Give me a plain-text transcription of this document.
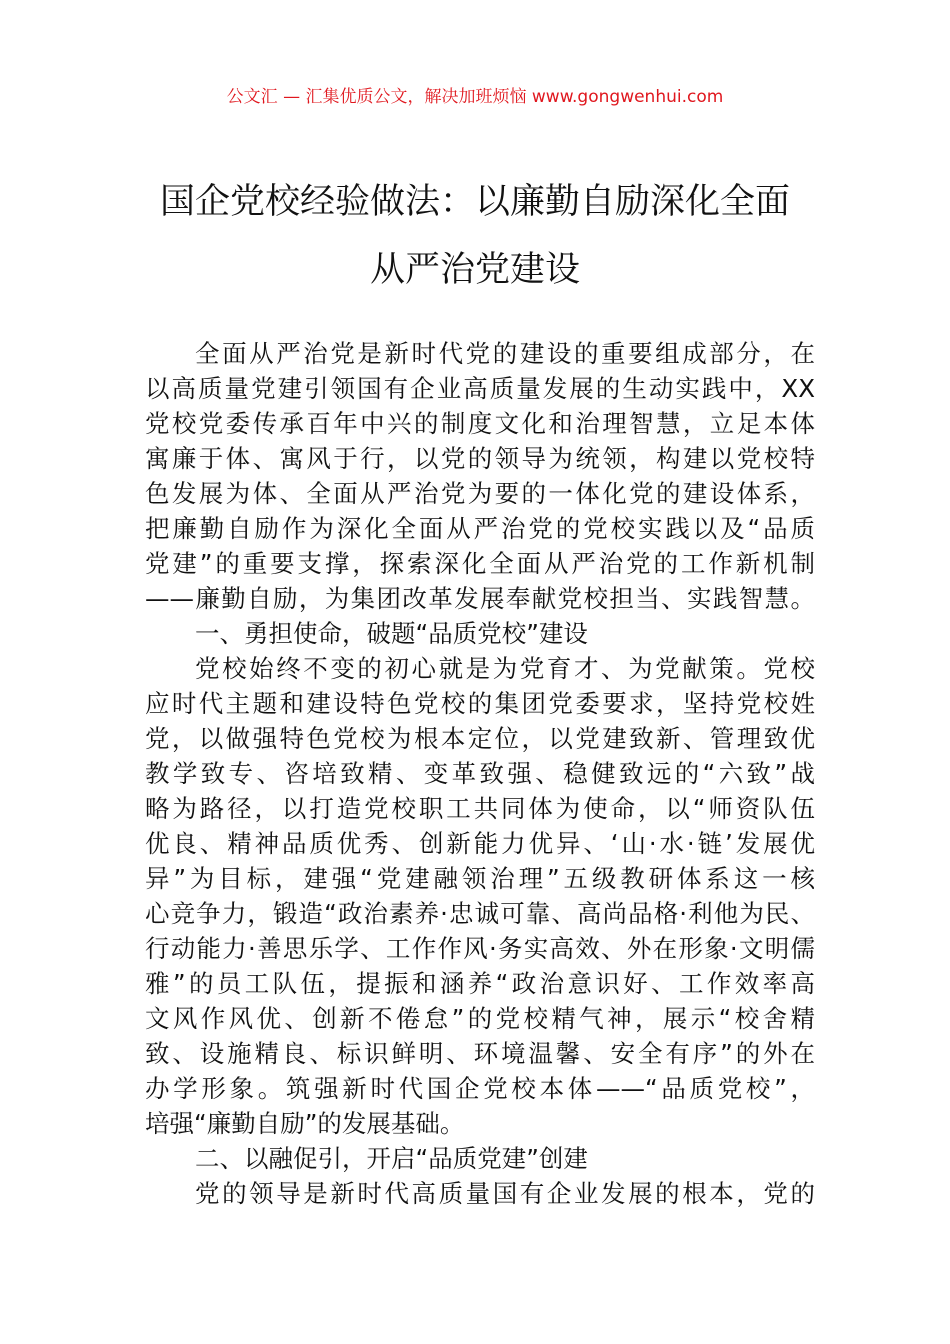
公文汇 — 汇集优质公文，解决加班烦恼 www.gongwenhui.com
国企党校经验做法：以廉勤自励深化全面
从严治党建设
全面从严治党是新时代党的建设的重要组成部分，在
以高质量党建引领国有企业高质量发展的生动实践中，XX
党校党委传承百年中兴的制度文化和治理智慧，立足本体
寓廉于体、寓风于行，以党的领导为统领，构建以党校特
色发展为体、全面从严治党为要的一体化党的建设体系，
把廉勤自励作为深化全面从严治党的党校实践以及“品质
党建”的重要支撑，探索深化全面从严治党的工作新机制
——廉勤自励，为集团改革发展奉献党校担当、实践智慧。
一、勇担使命，破题“品质党校”建设
党校始终不变的初心就是为党育才、为党献策。党校
应时代主题和建设特色党校的集团党委要求，坚持党校姓
党，以做强特色党校为根本定位，以党建致新、管理致优
教学致专、咨培致精、变革致强、稳健致远的“六致”战
略为路径，以打造党校职工共同体为使命，以“师资队伍
优良、精神品质优秀、创新能力优异、‘山·水·链’发展优
异”为目标，建强“党建融领治理”五级教研体系这一核
心竞争力，锻造“政治素养·忠诚可靠、高尚品格·利他为民、
行动能力·善思乐学、工作作风·务实高效、外在形象·文明儒
雅”的员工队伍，提振和涵养“政治意识好、工作效率高
文风作风优、创新不倦怠”的党校精气神，展示“校舍精
致、设施精良、标识鲜明、环境温馨、安全有序”的外在
办学形象。筑强新时代国企党校本体——“品质党校”，
培强“廉勤自励”的发展基础。
二、以融促引，开启“品质党建”创建
党的领导是新时代高质量国有企业发展的根本，党的
